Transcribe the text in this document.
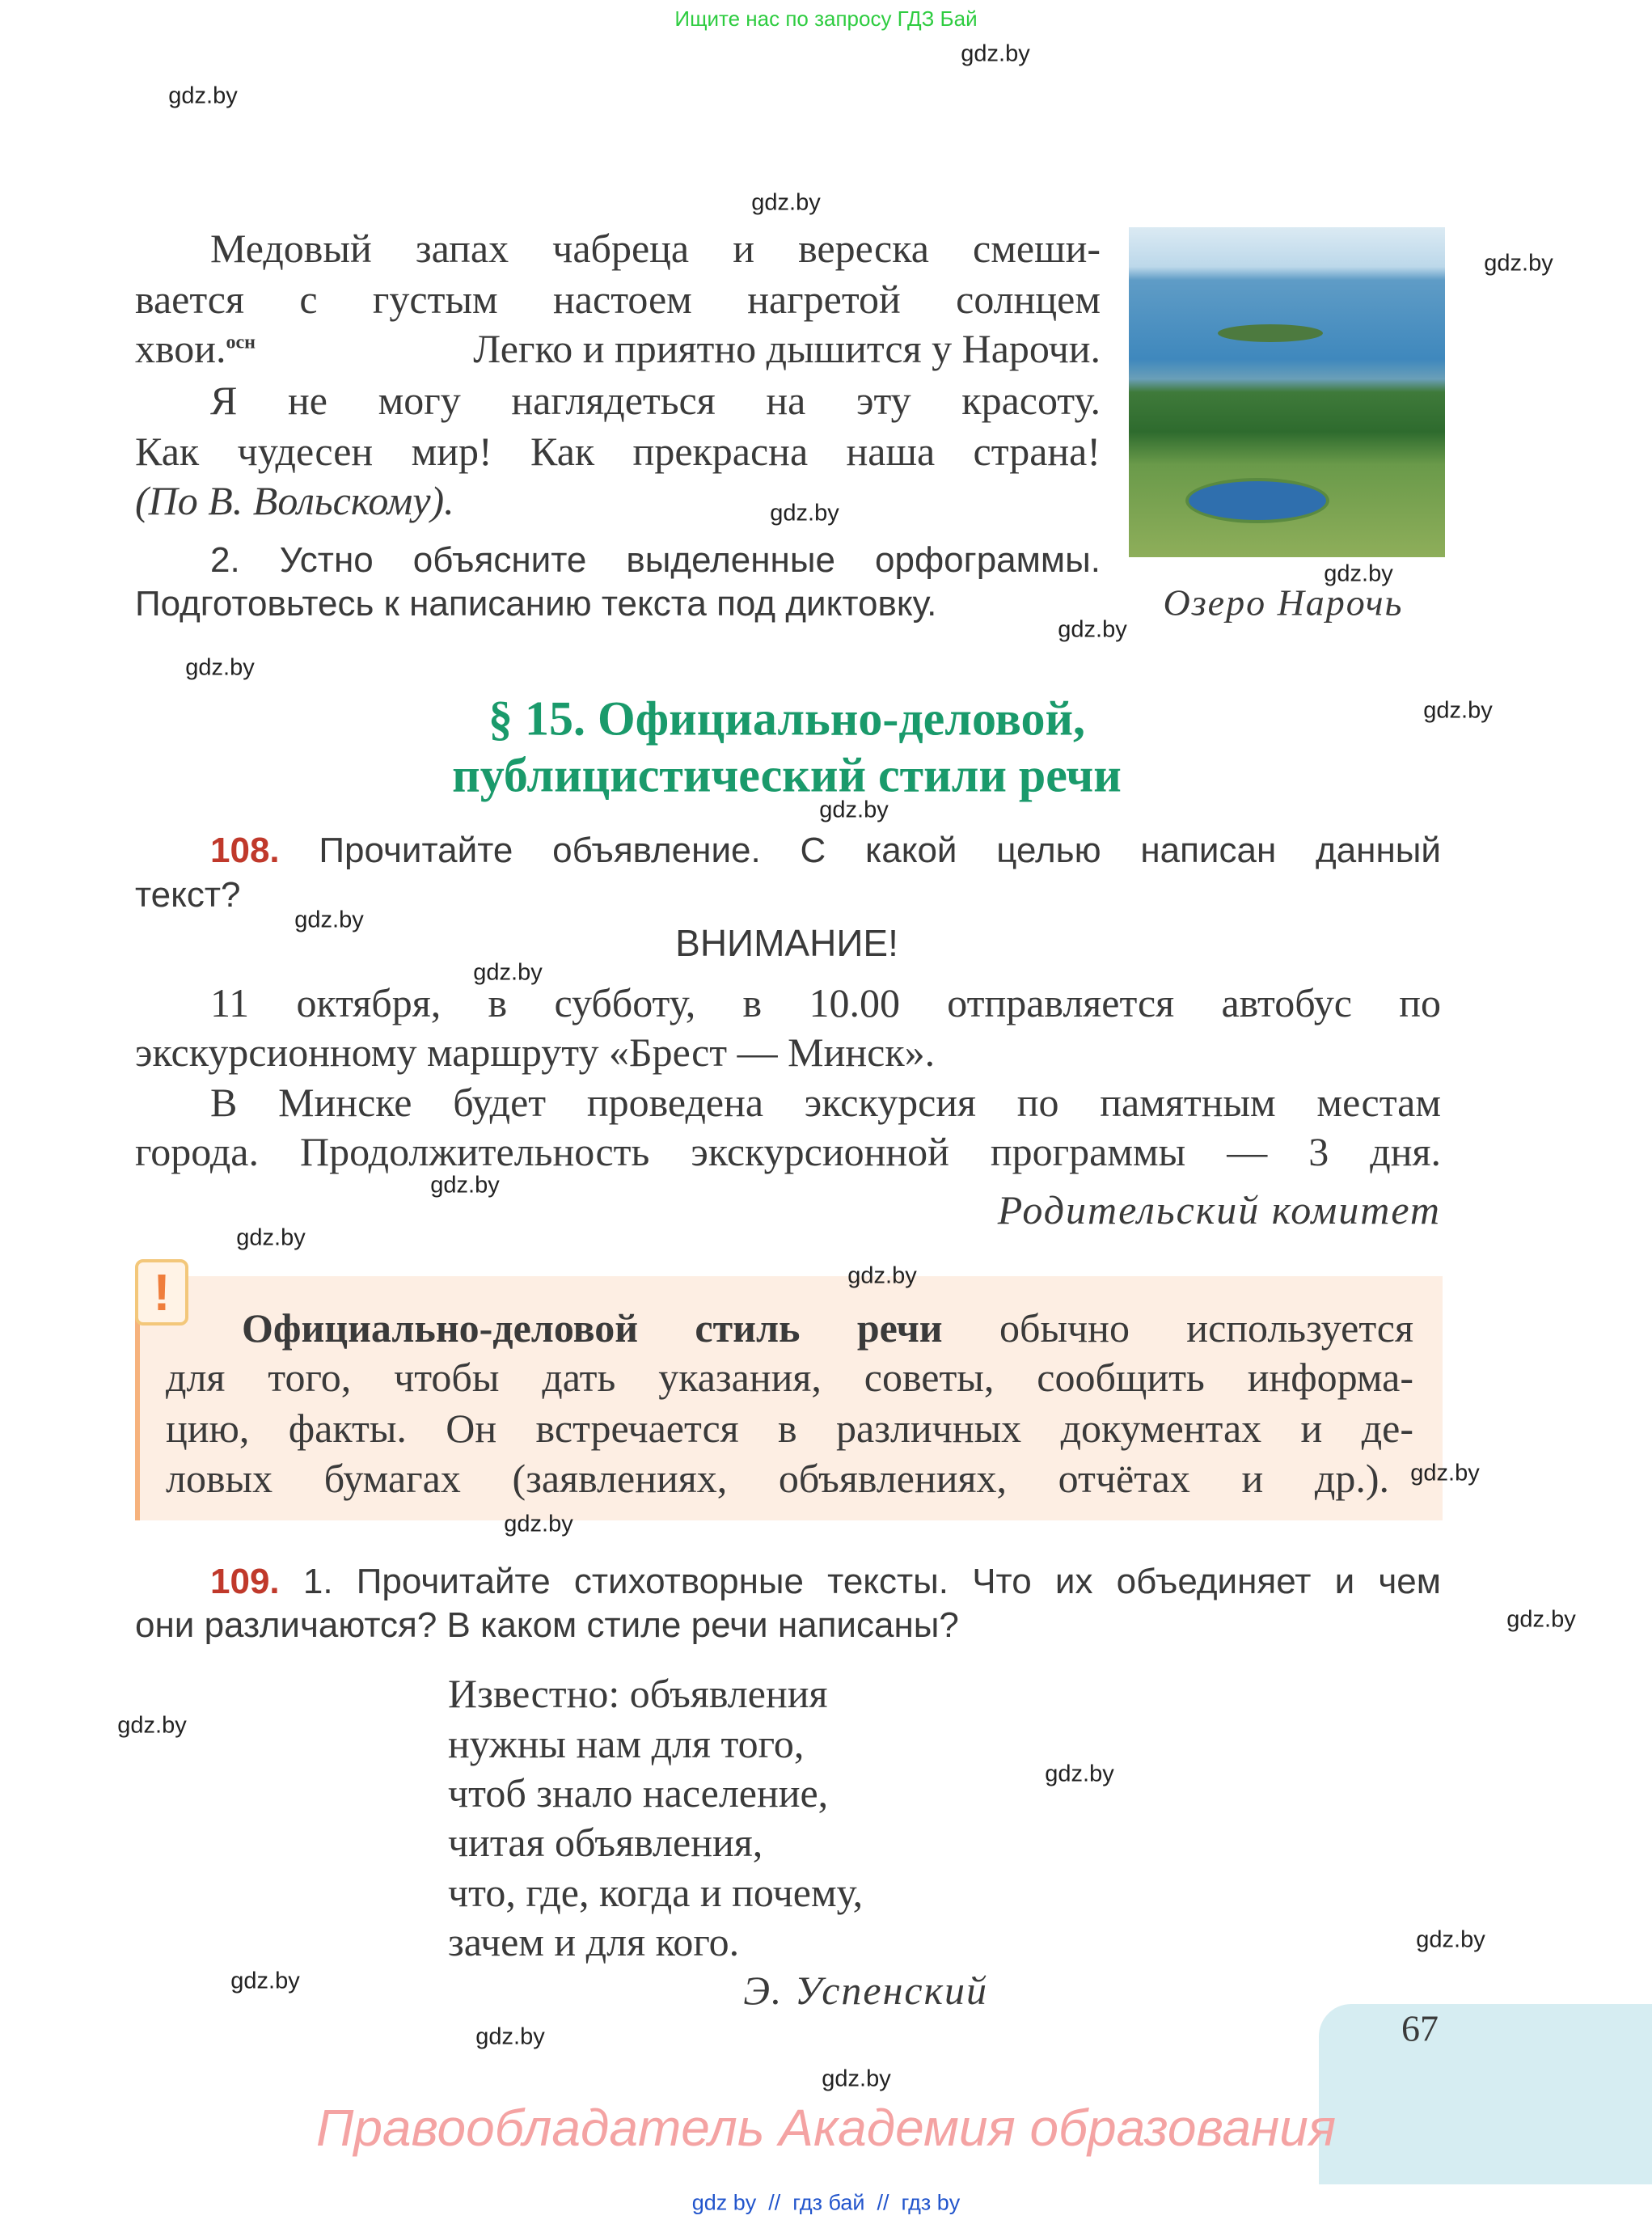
Ищите нас по запросу ГДЗ Бай
gdz.by
gdz.by
gdz.by
gdz.by
gdz.by
gdz.by
gdz.by
gdz.by
gdz.by
gdz.by
gdz.by
gdz.by
gdz.by
gdz.by
Медовый запах чабреца и вереска смеши-
вается с густым настоем нагретой солнцем
хвои.$^{осн}$	Легко и приятно дышится у Нарочи.
Я не могу наглядеться на эту красоту.
Как чудесен мир! Как прекрасна наша страна!
(По В. Вольскому).
2. Устно объясните выделенные орфограммы.
Подготовьтесь к написанию текста под диктовку.	Озеро Нарочь
§ 15. Официально-деловой,
публицистический стили речи
108. Прочитайте объявление. С какой целью написан данный
текст?
ВНИМАНИЕ!
11 октября, в субботу, в 10.00 отправляется автобус по
экскурсионному маршруту «Брест — Минск».
В Минске будет проведена экскурсия по памятным местам
города. Продолжительность экскурсионной программы — 3 дня.
Родительский комитет
!	gdz.by
Официально-деловой стиль речи обычно используется
для того, чтобы дать указания, советы, сообщить информа-
цию, факты. Он встречается в различных документах и де-
ловых бумагах (заявлениях, объявлениях, отчётах и др.). gdz.by
gdz.by
109. 1. Прочитайте стихотворные тексты. Что их объединяет и чем
они различаются? В каком стиле речи написаны?	gdz.by
Известно: объявления
нужны нам для того,
чтоб знало население,
читая объявления,
что, где, когда и почему,
зачем и для кого.
Э. Успенский
gdz.by
gdz.by
gdz.by
gdz.by
gdz.by
gdz.by
67
Правообладатель Академия образования
gdz by  //  гдз бай  //  гдз by
